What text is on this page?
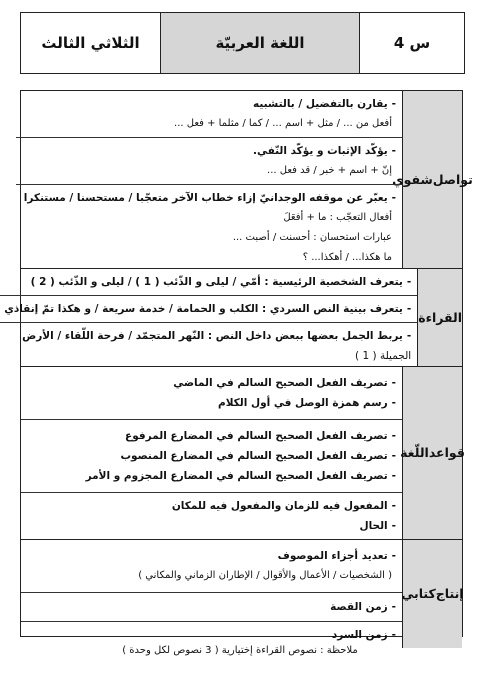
س 4
اللغة العربيّة
الثلاثي الثالث
تواصل
شفوي
-يقارن بالتفضيل / بالتشبيه
أفعل من ... / مثل + اسم ... / كما / مثلما + فعل ...
-يؤكّد الإثبات و يؤكّد النّفي.
إنّ + اسم + خبر / قد فعل ...
-يعبّر عن موقفه الوجدانيّ إزاء خطاب الآخر متعجّبا / مستحسنا / مستنكرا
أفعال التعجّب : ما + أفعَلَ
عبارات استحسان : أحسنت / أصبت ...
ما هكذا... / أهكذا... ؟
القراءة
-يتعرف الشخصية الرئيسية : أمّي / ليلى و الذّئب ( 1 ) / ليلى و الذّئب ( 2 )
-يتعرف بينية النص السردي : الكلب و الحمامة / خدمة سريعة / و هكذا تمّ إنقاذي
-يربط الجمل بعضها ببعض داخل النص : النّهر المتجمّد / فرحة اللّقاء / الأرض
الجميلة ( 1 )
قواعد
اللّغة
-تصريف الفعل الصحيح السالم في الماضي
-رسم همزة الوصل في أول الكلام
-تصريف الفعل الصحيح السالم في المضارع المرفوع
-تصريف الفعل الصحيح السالم في المضارع المنصوب
-تصريف الفعل الصحيح السالم في المضارع المجزوم و الأمر
-المفعول فيه للزمان والمفعول فيه للمكان
-الحال
إنتاج
كتابي
-تعديد أجزاء الموصوف
( الشخصيات / الأعمال والأقوال / الإطاران الزماني والمكاني )
-زمن القصة
-زمن السرد
ملاحظة : نصوص القراءة إختيارية ( 3 نصوص لكل وحدة )
